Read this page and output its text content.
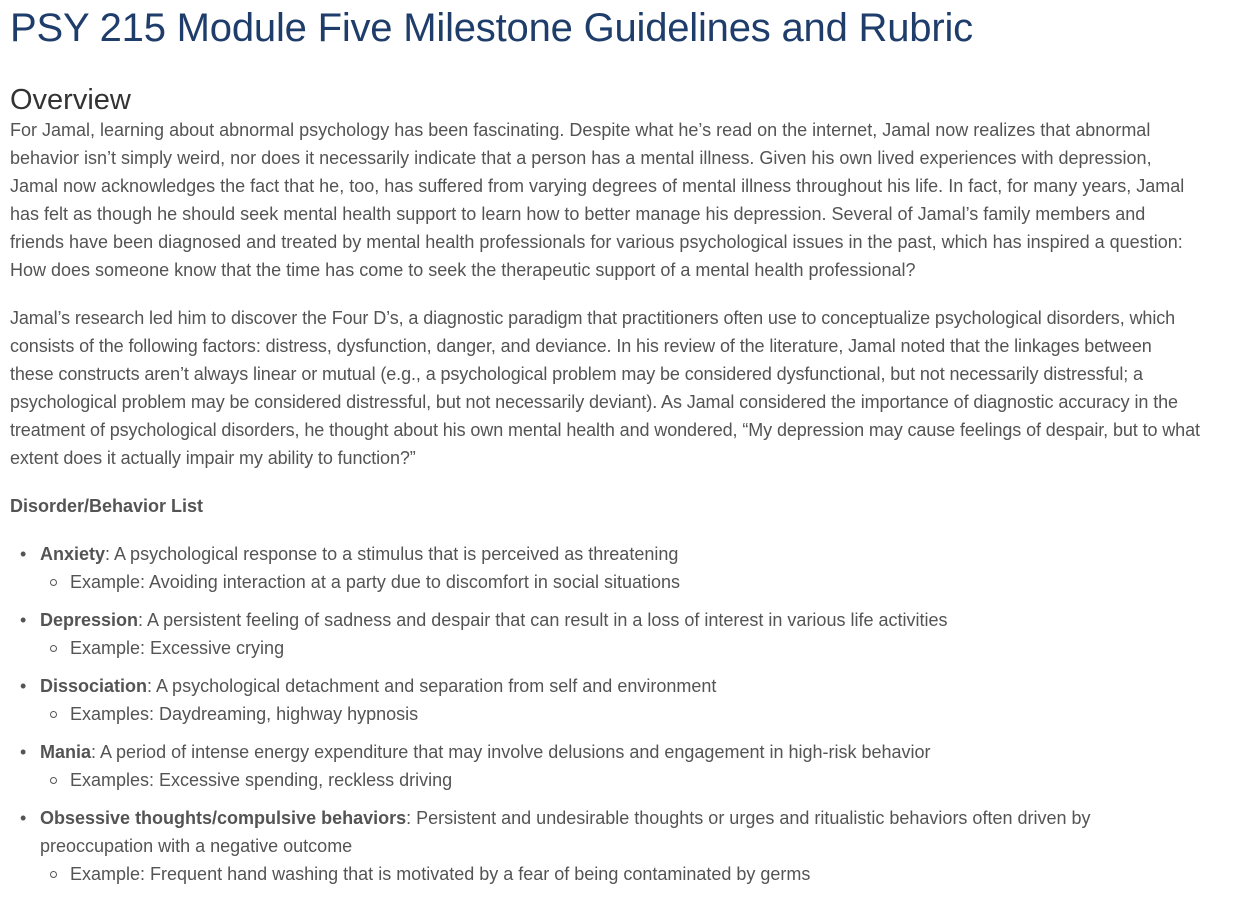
PSY 215 Module Five Milestone Guidelines and Rubric
Overview

For Jamal, learning about abnormal psychology has been fascinating. Despite what he’s read on the internet, Jamal now realizes that abnormal behavior isn’t simply weird, nor does it necessarily indicate that a person has a mental illness. Given his own lived experiences with depression, Jamal now acknowledges the fact that he, too, has suffered from varying degrees of mental illness throughout his life. In fact, for many years, Jamal has felt as though he should seek mental health support to learn how to better manage his depression. Several of Jamal’s family members and friends have been diagnosed and treated by mental health professionals for various psychological issues in the past, which has inspired a question: How does someone know that the time has come to seek the therapeutic support of a mental health professional?

Jamal’s research led him to discover the Four D’s, a diagnostic paradigm that practitioners often use to conceptualize psychological disorders, which consists of the following factors: distress, dysfunction, danger, and deviance. In his review of the literature, Jamal noted that the linkages between these constructs aren’t always linear or mutual (e.g., a psychological problem may be considered dysfunctional, but not necessarily distressful; a psychological problem may be considered distressful, but not necessarily deviant). As Jamal considered the importance of diagnostic accuracy in the treatment of psychological disorders, he thought about his own mental health and wondered, “My depression may cause feelings of despair, but to what extent does it actually impair my ability to function?”

Disorder/Behavior List

• Anxiety: A psychological response to a stimulus that is perceived as threatening
Example: Avoiding interaction at a party due to discomfort in social situations
• Depression: A persistent feeling of sadness and despair that can result in a loss of interest in various life activities
Example: Excessive crying
• Dissociation: A psychological detachment and separation from self and environment
Examples: Daydreaming, highway hypnosis
• Mania: A period of intense energy expenditure that may involve delusions and engagement in high-risk behavior
Examples: Excessive spending, reckless driving
• Obsessive thoughts/compulsive behaviors: Persistent and undesirable thoughts or urges and ritualistic behaviors often driven by preoccupation with a negative outcome
Example: Frequent hand washing that is motivated by a fear of being contaminated by germs
